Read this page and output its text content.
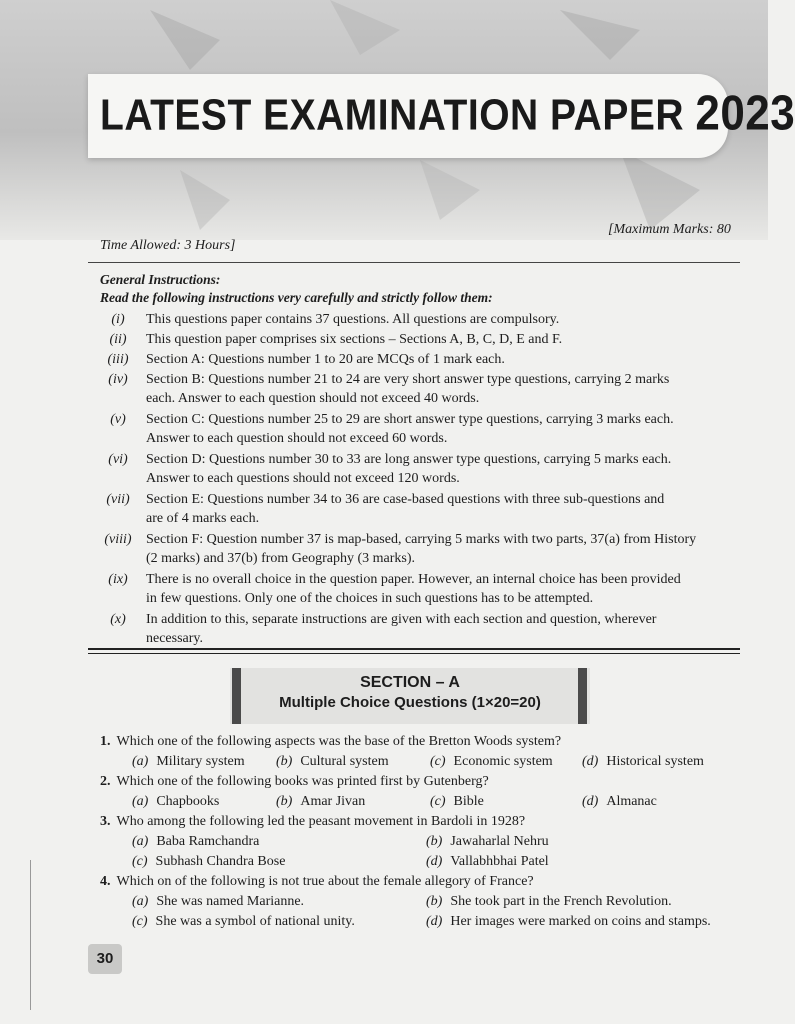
LATEST EXAMINATION PAPER 2023
Time Allowed: 3 Hours]
[Maximum Marks: 80
General Instructions:
Read the following instructions very carefully and strictly follow them:
(i)	This questions paper contains 37 questions. All questions are compulsory.
(ii)	This question paper comprises six sections – Sections A, B, C, D, E and F.
(iii)	Section A: Questions number 1 to 20 are MCQs of 1 mark each.
(iv)	Section B: Questions number 21 to 24 are very short answer type questions, carrying 2 marks
each. Answer to each question should not exceed 40 words.
(v)	Section C: Questions number 25 to 29 are short answer type questions, carrying 3 marks each.
Answer to each question should not exceed 60 words.
(vi)	Section D: Questions number 30 to 33 are long answer type questions, carrying 5 marks each.
Answer to each questions should not exceed 120 words.
(vii)	Section E: Questions number 34 to 36 are case-based questions with three sub-questions and
are of 4 marks each.
(viii)	Section F: Question number 37 is map-based, carrying 5 marks with two parts, 37(a) from History
(2 marks) and 37(b) from Geography (3 marks).
(ix)	There is no overall choice in the question paper. However, an internal choice has been provided
in few questions. Only one of the choices in such questions has to be attempted.
(x)	In addition to this, separate instructions are given with each section and question, wherever
necessary.
SECTION – A
Multiple Choice Questions (1×20=20)
1. Which one of the following aspects was the base of the Bretton Woods system?
(a) Military system (b) Cultural system	(c) Economic system (d) Historical system
2. Which one of the following books was printed first by Gutenberg?
(a) Chapbooks	(b) Amar Jivan	(c) Bible	(d) Almanac
3. Who among the following led the peasant movement in Bardoli in 1928?
(a) Baba Ramchandra	(b) Jawaharlal Nehru
(c) Subhash Chandra Bose	(d) Vallabhbhai Patel
4. Which on of the following is not true about the female allegory of France?
(a) She was named Marianne.	(b) She took part in the French Revolution.
(c) She was a symbol of national unity.	(d) Her images were marked on coins and stamps.
30
